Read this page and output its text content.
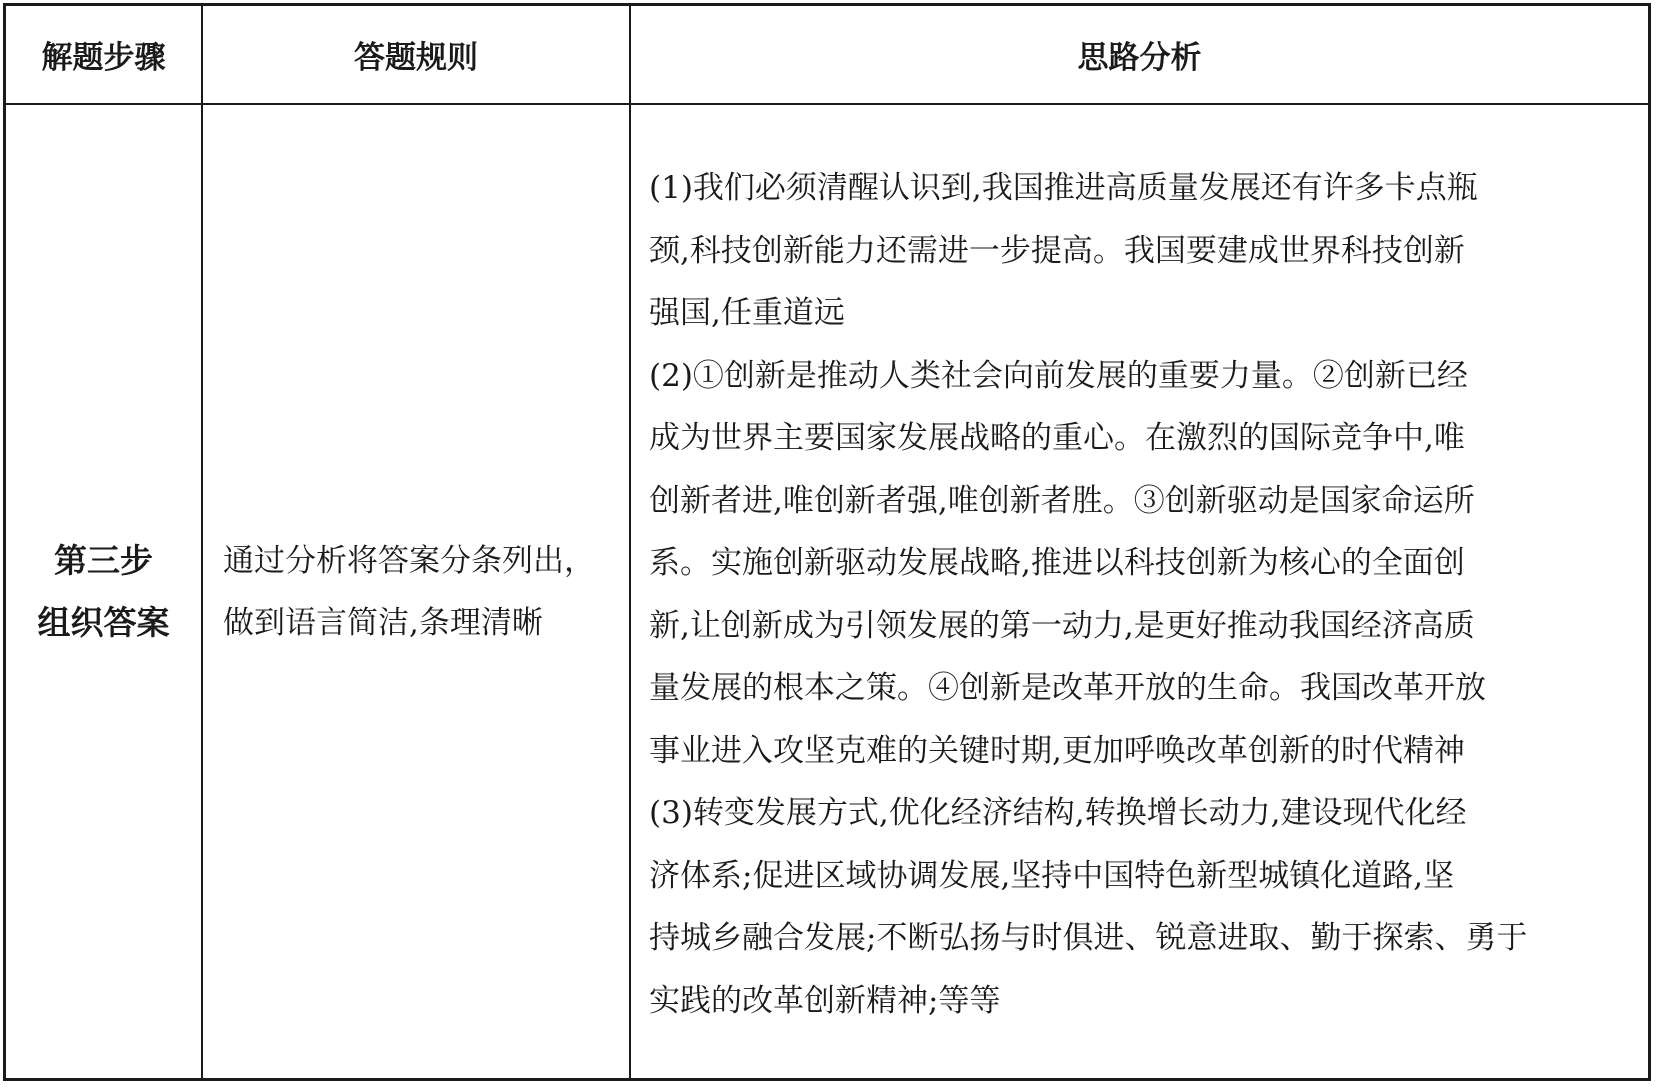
解题步骤	答题规则	思路分析
第三步
组织答案
通过分析将答案分条列出，
做到语言简洁,条理清晰
(1)我们必须清醒认识到,我国推进高质量发展还有许多卡点瓶
颈,科技创新能力还需进一步提高。我国要建成世界科技创新
强国,任重道远
(2)①创新是推动人类社会向前发展的重要力量。②创新已经
成为世界主要国家发展战略的重心。在激烈的国际竞争中,唯
创新者进,唯创新者强,唯创新者胜。③创新驱动是国家命运所
系。实施创新驱动发展战略,推进以科技创新为核心的全面创
新,让创新成为引领发展的第一动力,是更好推动我国经济高质
量发展的根本之策。④创新是改革开放的生命。我国改革开放
事业进入攻坚克难的关键时期,更加呼唤改革创新的时代精神
(3)转变发展方式,优化经济结构,转换增长动力,建设现代化经
济体系;促进区域协调发展,坚持中国特色新型城镇化道路,坚
持城乡融合发展;不断弘扬与时俱进、锐意进取、勤于探索、勇于
实践的改革创新精神;等等
